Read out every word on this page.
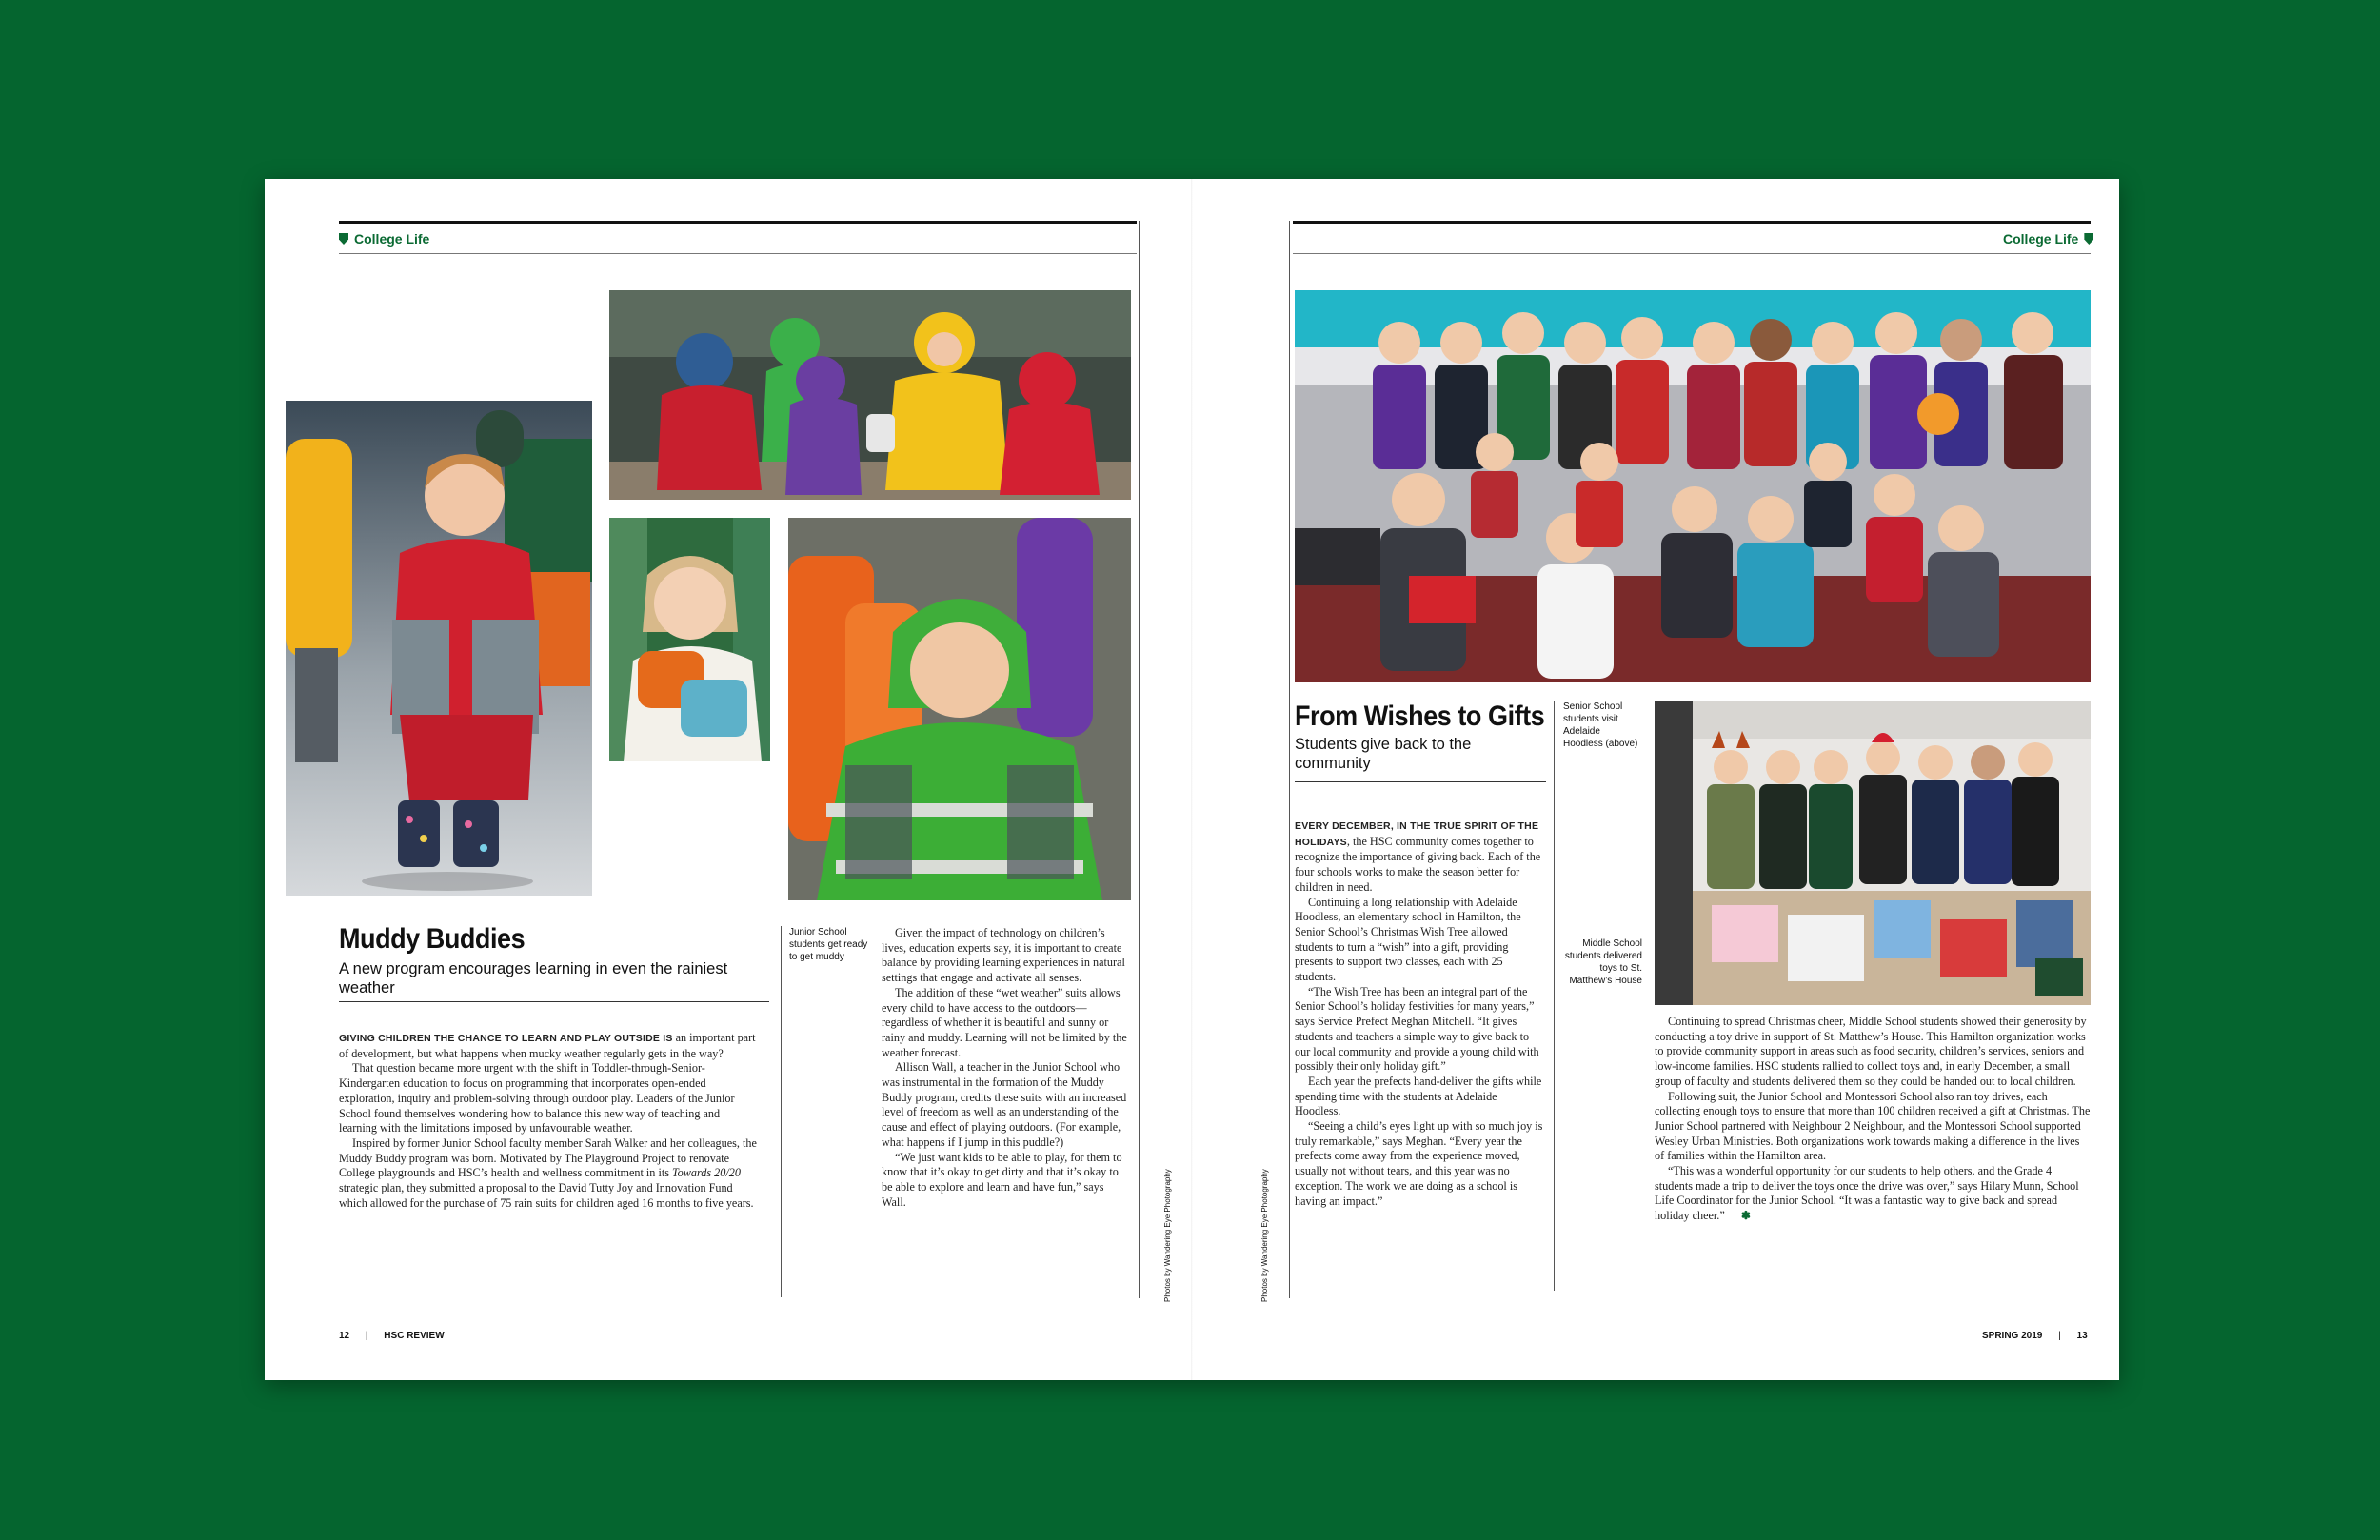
College Life
Muddy Buddies
A new program encourages learning in even the rainiest weather
Junior School students get ready to get muddy

GIVING CHILDREN THE CHANCE TO LEARN AND PLAY OUTSIDE IS an important part of development, but what happens when mucky weather regularly gets in the way?

That question became more urgent with the shift in Toddler-through-Senior-Kindergarten education to focus on programming that incorporates open-ended exploration, inquiry and problem-solving through outdoor play. Leaders of the Junior School found themselves wondering how to balance this new way of teaching and learning with the limitations imposed by unfavourable weather.

Inspired by former Junior School faculty member Sarah Walker and her colleagues, the Muddy Buddy program was born. Motivated by The Playground Project to renovate College playgrounds and HSC’s health and wellness commitment in its Towards 20/20 strategic plan, they submitted a proposal to the David Tutty Joy and Innovation Fund which allowed for the purchase of 75 rain suits for children aged 16 months to five years.

Given the impact of technology on children’s lives, education experts say, it is important to create balance by providing learning experiences in natural settings that engage and activate all senses.

The addition of these “wet weather” suits allows every child to have access to the outdoors—regardless of whether it is beautiful and sunny or rainy and muddy. Learning will not be limited by the weather forecast.

Allison Wall, a teacher in the Junior School who was instrumental in the formation of the Muddy Buddy program, credits these suits with an increased level of freedom as well as an understanding of the cause and effect of playing outdoors. (For example, what happens if I jump in this puddle?)

“We just want kids to be able to play, for them to know that it’s okay to get dirty and that it’s okay to be able to explore and learn and have fun,” says Wall.	Photos by Wandering Eye Photography
12 | HSC REVIEW
College Life
From Wishes to Gifts
Students give back to the community
Senior School students visit Adelaide Hoodless (above)
Middle School students delivered toys to St. Matthew’s House

EVERY DECEMBER, IN THE TRUE SPIRIT OF THE HOLIDAYS, the HSC community comes together to recognize the importance of giving back. Each of the four schools works to make the season better for children in need.

Continuing a long relationship with Adelaide Hoodless, an elementary school in Hamilton, the Senior School’s Christmas Wish Tree allowed students to turn a “wish” into a gift, providing presents to support two classes, each with 25 students.

“The Wish Tree has been an integral part of the Senior School’s holiday festivities for many years,” says Service Prefect Meghan Mitchell. “It gives students and teachers a simple way to give back to our local community and provide a young child with possibly their only holiday gift.”

Each year the prefects hand-deliver the gifts while spending time with the students at Adelaide Hoodless.

“Seeing a child’s eyes light up with so much joy is truly remarkable,” says Meghan. “Every year the prefects come away from the experience moved, usually not without tears, and this year was no exception. The work we are doing as a school is having an impact.”

Continuing to spread Christmas cheer, Middle School students showed their generosity by conducting a toy drive in support of St. Matthew’s House. This Hamilton organization works to provide community support in areas such as food security, children’s services, seniors and low-income families. HSC students rallied to collect toys and, in early December, a small group of faculty and students delivered them so they could be handed out to local children.

Following suit, the Junior School and Montessori School also ran toy drives, each collecting enough toys to ensure that more than 100 children received a gift at Christmas. The Junior School partnered with Neighbour 2 Neighbour, and the Montessori School supported Wesley Urban Ministries. Both organizations work towards making a difference in the lives of families within the Hamilton area.

“This was a wonderful opportunity for our students to help others, and the Grade 4 students made a trip to deliver the toys once the drive was over,” says Hilary Munn, School Life Coordinator for the Junior School. “It was a fantastic way to give back and spread holiday cheer.” ✽

Photos by Wandering Eye Photography
SPRING 2019 | 13
